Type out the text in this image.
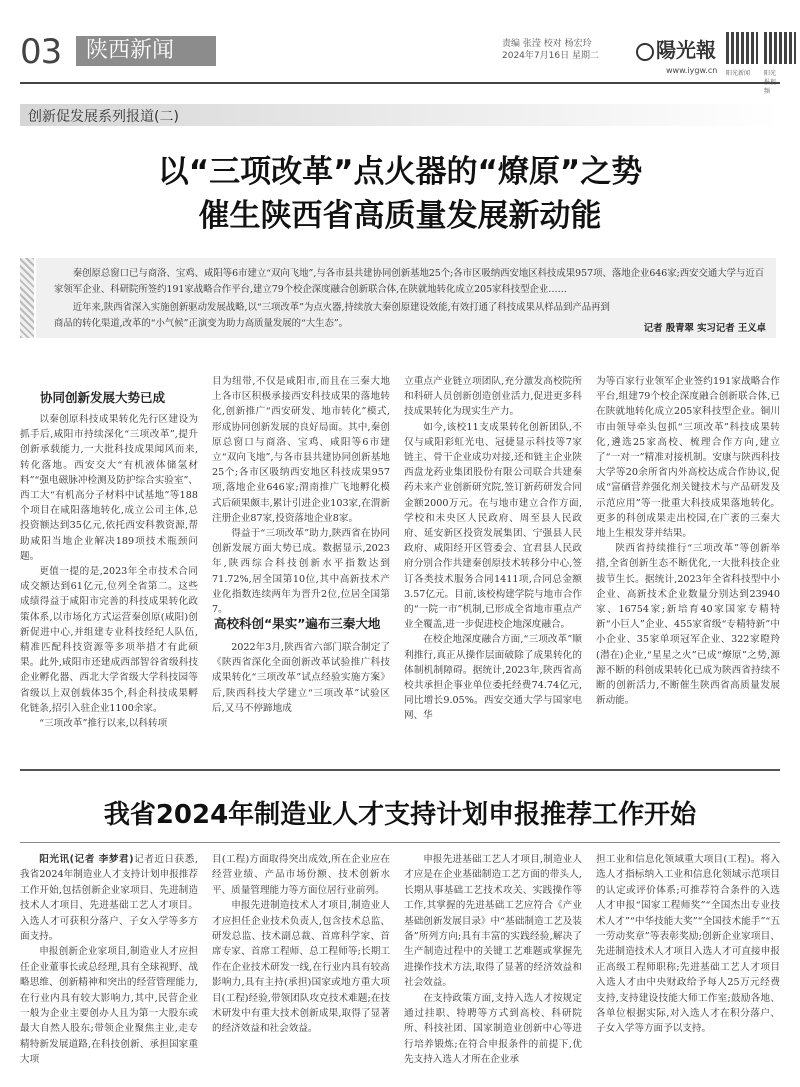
03	陕西新闻	责编 张滢 校对 杨宏玲
2024年7月16日 星期二	陽光報
www.iygw.cn 阳光新闻 阳光 频
创新促发展系列报道(二)
以“三项改革”点火器的“燎原”之势
催生陕西省高质量发展新动能
秦创原总窗口已与商洛、宝鸡、咸阳等6市建立“双向飞地”,与各市县共建协同创新基地25个;各市区吸纳西安地区科技成果957项、落地企业646家;西安交通大学与近百家领军企业、科研院所签约191家战略合作平台,建立79个校企深度融合创新联合体,在陕就地转化成立205家科技型企业……
近年来,陕西省深入实施创新驱动发展战略,以“三项改革”为点火器,持续放大秦创原建设效能,有效打通了科技成果从样品到产品再到商品的转化渠道,改革的“小气候”正演变为助力高质量发展的“大生态”。	记者 殷青翠 实习记者 王义卓
协同创新发展大势已成

以秦创原科技成果转化先行区建设为抓手后,咸阳市持续深化“三项改革”,提升创新承载能力,一大批科技成果闻风而来,转化落地。西安交大“有机液体储氢材料”“强电磁脉冲检测及防护综合实验室”、西工大“有机高分子材料中试基地”等188个项目在咸阳落地转化,成立公司主体,总投资额达到35亿元,依托西安科教资源,帮助咸阳当地企业解决189项技术瓶颈问题。

更值一提的是,2023年全市技术合同成交额达到61亿元,位列全省第二。这些成绩得益于咸阳市完善的科技成果转化政策体系,以市场化方式运营秦创原(咸阳)创新促进中心,并组建专业科技经纪人队伍,精准匹配科技资源等多项举措才有此硕果。此外,咸阳市还建成西部智谷省级科技企业孵化器、西北大学省级大学科技园等省级以上双创载体35个,科企科技成果孵化链条,招引入驻企业1100余家。

“三项改革”推行以来,以科转项

目为纽带,不仅是咸阳市,而且在三秦大地上各市区积极承接西安科技成果的落地转化,创新推广“西安研发、地市转化”模式,形成协同创新发展的良好局面。其中,秦创原总窗口与商洛、宝鸡、咸阳等6市建立“双向飞地”,与各市县共建协同创新基地25个;各市区吸纳西安地区科技成果957项,落地企业646家;渭南推广飞地孵化模式后硕果颇丰,累计引进企业103家,在渭新注册企业87家,投资落地企业8家。

得益于“三项改革”助力,陕西省在协同创新发展方面大势已成。数据显示,2023年,陕西综合科技创新水平指数达到71.72%,居全国第10位,其中高新技术产业化指数连续两年为晋升2位,位居全国第7。

高校科创“果实”遍布三秦大地

2022年3月,陕西省六部门联合制定了《陕西省深化全面创新改革试验推广科技成果转化“三项改革”试点经验实施方案》后,陕西科技大学建立“三项改革”试验区后,又马不停蹄地成

立重点产业链立项团队,充分激发高校院所和科研人员创新创造创业活力,促进更多科技成果转化为现实生产力。

如今,该校11支成果转化创新团队,不仅与咸阳彩虹光电、冠捷显示科技等7家链主、骨干企业成功对接,还和链主企业陕西盘龙药业集团股份有限公司联合共建秦药未来产业创新研究院,签订新药研发合同金额2000万元。在与地市建立合作方面,学校和未央区人民政府、周至县人民政府、延安新区投资发展集团、宁强县人民政府、咸阳经开区管委会、宜君县人民政府分别合作共建秦创原技术转移分中心,签订各类技术服务合同1411项,合同总金额3.57亿元。目前,该校构建学院与地市合作的“一院一市”机制,已形成全省地市重点产业全覆盖,进一步促进校企地深度融合。

在校企地深度融合方面,“三项改革”顺利推行,真正从操作层面破除了成果转化的体制机制障碍。据统计,2023年,陕西省高校共承担企事业单位委托经费74.74亿元,同比增长9.05%。西安交通大学与国家电网、华

为等百家行业领军企业签约191家战略合作平台,组建79个校企深度融合创新联合体,已在陕就地转化成立205家科技型企业。铜川市由领导牵头包抓“三项改革”科技成果转化,遴选25家高校、梳理合作方向,建立了“一对一”精准对接机制。安康与陕西科技大学等20余所省内外高校达成合作协议,促成“富硒营养强化剂关键技术与产品研发及示范应用”等一批重大科技成果落地转化。更多的科创成果走出校园,在广袤的三秦大地上生根发芽并结果。

陕西省持续推行“三项改革”等创新举措,全省创新生态不断优化,一大批科技企业拔节生长。据统计,2023年全省科技型中小企业、高新技术企业数量分别达到23940家、16754家;新培育40家国家专精特新“小巨人”企业、455家省级“专精特新”中小企业、35家单项冠军企业、322家瞪羚(潜在)企业,“星星之火”已成“燎原”之势,源源不断的科创成果转化已成为陕西省持续不断的创新活力,不断催生陕西省高质量发展新动能。

我省2024年制造业人才支持计划申报推荐工作开始

阳光讯(记者 李梦君)记者近日获悉,我省2024年制造业人才支持计划申报推荐工作开始,包括创新企业家项目、先进制造技术人才项目、先进基础工艺人才项目。入选人才可获积分落户、子女入学等多方面支持。

申报创新企业家项目,制造业人才应担任企业董事长或总经理,具有全球视野、战略思维、创新精神和突出的经营管理能力,在行业内具有较大影响力,其中,民营企业一般为企业主要创办人且为第一大股东或最大自然人股东;带领企业聚焦主业,走专精特新发展道路,在科技创新、承担国家重大项

目(工程)方面取得突出成效,所在企业应在经营业绩、产品市场份额、技术创新水平、质量管理能力等方面位居行业前列。

申报先进制造技术人才项目,制造业人才应担任企业技术负责人,包含技术总监、研发总监、技术副总裁、首席科学家、首席专家、首席工程师、总工程师等;长期工作在企业技术研发一线,在行业内具有较高影响力,具有主持(承担)国家或地方重大项目(工程)经验,带领团队攻克技术难题;在技术研发中有重大技术创新成果,取得了显著的经济效益和社会效益。

申报先进基础工艺人才项目,制造业人才应是在企业基础制造工艺方面的带头人,长期从事基础工艺技术攻关、实践操作等工作,其掌握的先进基础工艺应符合《产业基础创新发展目录》中“基础制造工艺及装备”所列方向;具有丰富的实践经验,解决了生产制造过程中的关键工艺难题或掌握先进操作技术方法,取得了显著的经济效益和社会效益。

在支持政策方面,支持入选人才按规定通过挂职、特聘等方式到高校、科研院所、科技社团、国家制造业创新中心等进行培养锻炼;在符合申报条件的前提下,优先支持入选人才所在企业承

担工业和信息化领域重大项目(工程)。将入选人才指标纳入工业和信息化领域示范项目的认定或评价体系;可推荐符合条件的入选人才申报“国家工程师奖”“全国杰出专业技术人才”“中华技能大奖”“全国技术能手”“五一劳动奖章”等表彰奖励;创新企业家项目、先进制造技术人才项目入选人才可直接申报正高级工程师职称;先进基础工艺人才项目入选人才由中央财政给予每人25万元经费支持,支持建设技能大师工作室;鼓励各地、各单位根据实际,对入选人才在积分落户、子女入学等方面予以支持。
